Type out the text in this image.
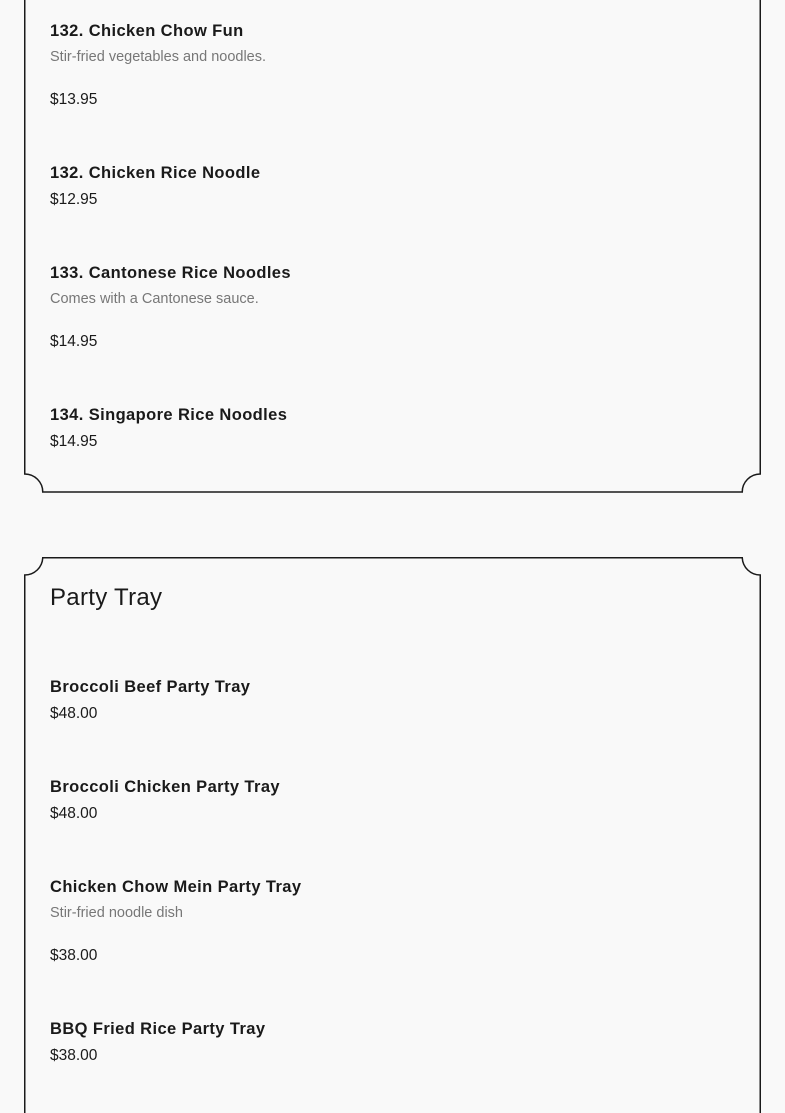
132. Chicken Chow Fun
Stir-fried vegetables and noodles.
$13.95
132. Chicken Rice Noodle
$12.95
133. Cantonese Rice Noodles
Comes with a Cantonese sauce.
$14.95
134. Singapore Rice Noodles
$14.95
Party Tray
Broccoli Beef Party Tray
$48.00
Broccoli Chicken Party Tray
$48.00
Chicken Chow Mein Party Tray
Stir-fried noodle dish
$38.00
BBQ Fried Rice Party Tray
$38.00
